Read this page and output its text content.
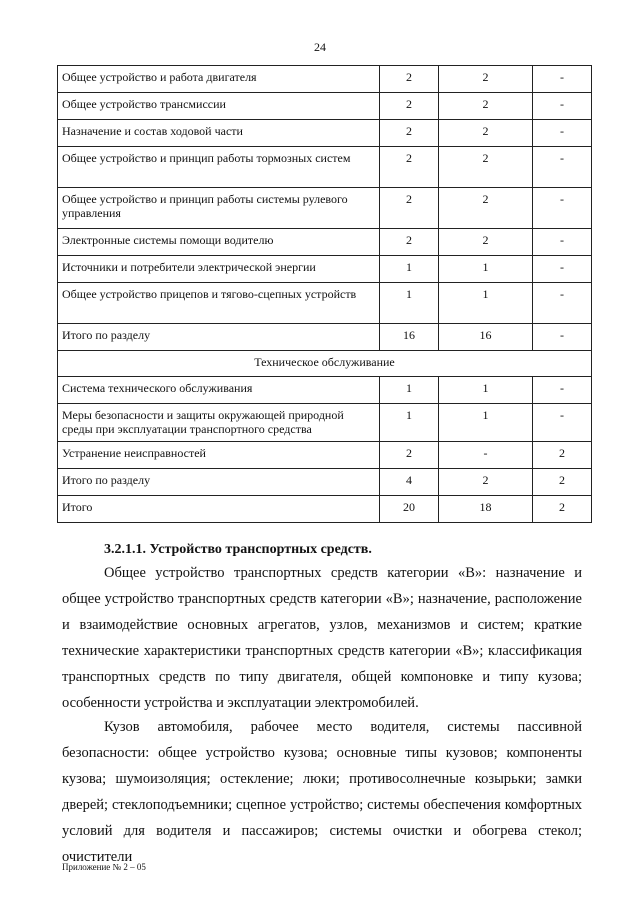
24
Общее устройство и работа двигателя	2	2	-
Общее устройство трансмиссии	2	2	-
Назначение и состав ходовой части	2	2	-
Общее устройство и принцип работы тормозных систем	2	2	-
Общее устройство и принцип работы системы рулевого управления	2	2	-
Электронные системы помощи водителю	2	2	-
Источники и потребители электрической энергии	1	1	-
Общее устройство прицепов и тягово-сцепных устройств	1	1	-
Итого по разделу	16	16	-
Техническое обслуживание			
Система технического обслуживания	1	1	-
Меры безопасности и защиты окружающей природной среды при эксплуатации транспортного средства	1	1	-
Устранение неисправностей	2	-	2
Итого по разделу	4	2	2
Итого	20	18	2
3.2.1.1. Устройство транспортных средств.

Общее устройство транспортных средств категории «B»: назначение и общее устройство транспортных средств категории «B»; назначение, расположение и взаимодействие основных агрегатов, узлов, механизмов и систем; краткие технические характеристики транспортных средств категории «B»; классификация транспортных средств по типу двигателя, общей компоновке и типу кузова; особенности устройства и эксплуатации электромобилей.

Кузов автомобиля, рабочее место водителя, системы пассивной безопасности: общее устройство кузова; основные типы кузовов; компоненты кузова; шумоизоляция; остекление; люки; противосолнечные козырьки; замки дверей; стеклоподъемники; сцепное устройство; системы обеспечения комфортных условий для водителя и пассажиров; системы очистки и обогрева стекол; очистители

Приложение № 2 – 05
